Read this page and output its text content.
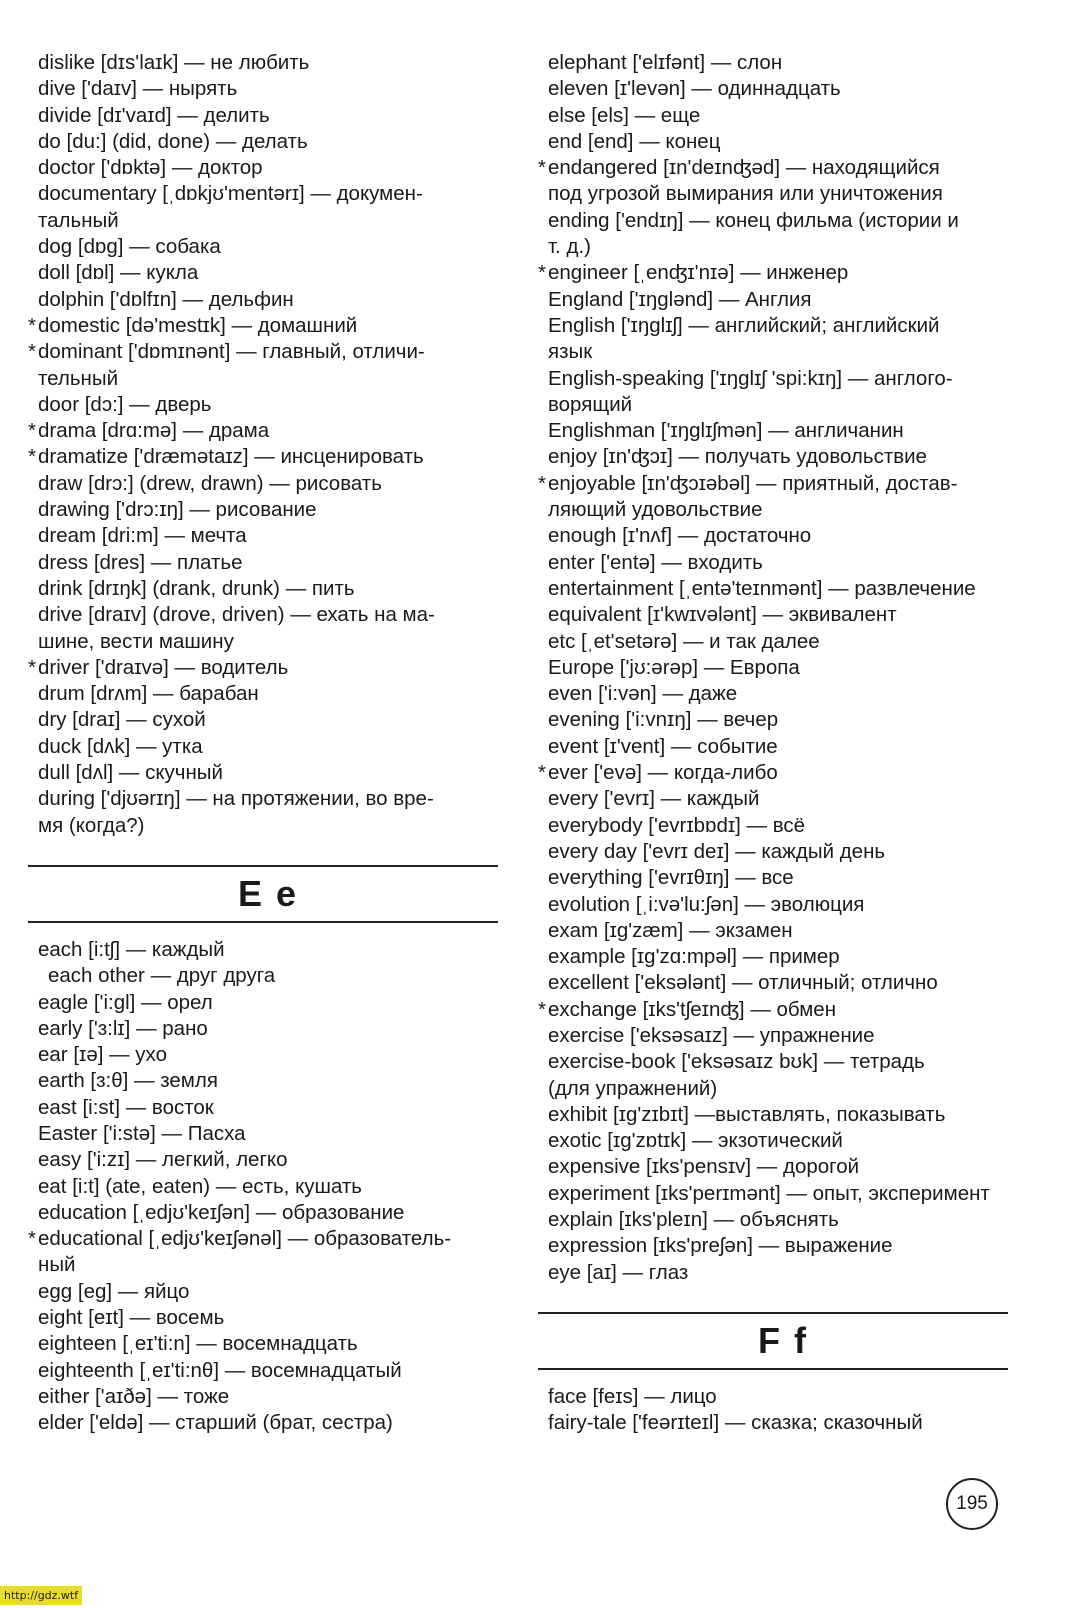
dislike [dɪs'laɪk] — не любить
dive ['daɪv] — нырять
divide [dɪ'vaɪd] — делить
do [du:] (did, done) — делать
doctor ['dɒktə] — доктор
documentary [ˌdɒkjʊ'mentərɪ] — докумен-
тальный
dog [dɒg] — собака
doll [dɒl] — кукла
dolphin ['dɒlfɪn] — дельфин
*domestic [də'mestɪk] — домашний
*dominant ['dɒmɪnənt] — главный, отличи-
тельный
door [dɔ:] — дверь
*drama [drɑ:mə] — драма
*dramatize ['dræmətaɪz] — инсценировать
draw [drɔ:] (drew, drawn) — рисовать
drawing ['drɔ:ɪŋ] — рисование
dream [dri:m] — мечта
dress [dres] — платье
drink [drɪŋk] (drank, drunk) — пить
drive [draɪv] (drove, driven) — ехать на ма-
шине, вести машину
*driver ['draɪvə] — водитель
drum [drʌm] — барабан
dry [draɪ] — сухой
duck [dʌk] — утка
dull [dʌl] — скучный
during ['djʊərɪŋ] — на протяжении, во вре-
мя (когда?)
E e
each [i:tʃ] — каждый
each other — друг друга
eagle ['i:gl] — орел
early ['ɜ:lɪ] — рано
ear [ɪə] — ухо
earth [ɜ:θ] — земля
east [i:st] — восток
Easter ['i:stə] — Пасха
easy ['i:zɪ] — легкий, легко
eat [i:t] (ate, eaten) — есть, кушать
education [ˌedjʊ'keɪʃən] — образование
*educational [ˌedjʊ'keɪʃənəl] — образователь-
ный
egg [eg] — яйцо
eight [eɪt] — восемь
eighteen [ˌeɪ'ti:n] — восемнадцать
eighteenth [ˌeɪ'ti:nθ] — восемнадцатый
either ['aɪðə] — тоже
elder ['eldə] — старший (брат, сестра)
elephant ['elɪfənt] — слон
eleven [ɪ'levən] — одиннадцать
else [els] — еще
end [end] — конец
*endangered [ɪn'deɪnʤəd] — находящийся
под угрозой вымирания или уничтожения
ending ['endɪŋ] — конец фильма (истории и
т. д.)
*engineer [ˌenʤɪ'nɪə] — инженер
England ['ɪŋglənd] — Англия
English ['ɪŋglɪʃ] — английский; английский
язык
English-speaking ['ɪŋglɪʃ 'spi:kɪŋ] — англого-
ворящий
Englishman ['ɪŋglɪʃmən] — англичанин
enjoy [ɪn'ʤɔɪ] — получать удовольствие
*enjoyable [ɪn'ʤɔɪəbəl] — приятный, достав-
ляющий удовольствие
enough [ɪ'nʌf] — достаточно
enter ['entə] — входить
entertainment [ˌentə'teɪnmənt] — развлечение
equivalent [ɪ'kwɪvələnt] — эквивалент
etc [ˌet'setərə] — и так далее
Europe ['jʊ:ərəp] — Европа
even ['i:vən] — даже
evening ['i:vnɪŋ] — вечер
event [ɪ'vent] — событие
*ever ['evə] — когда-либо
every ['evrɪ] — каждый
everybody ['evrɪbɒdɪ] — всё
every day ['evrɪ deɪ] — каждый день
everything ['evrɪθɪŋ] — все
evolution [ˌi:və'lu:ʃən] — эволюция
exam [ɪg'zæm] — экзамен
example [ɪg'zɑ:mpəl] — пример
excellent ['eksələnt] — отличный; отлично
*exchange [ɪks'tʃeɪnʤ] — обмен
exercise ['eksəsaɪz] — упражнение
exercise-book ['eksəsaɪz bʊk] — тетрадь
(для упражнений)
exhibit [ɪg'zɪbɪt] —выставлять, показывать
exotic [ɪg'zɒtɪk] — экзотический
expensive [ɪks'pensɪv] — дорогой
experiment [ɪks'perɪmənt] — опыт, эксперимент
explain [ɪks'pleɪn] — объяснять
expression [ɪks'preʃən] — выражение
eye [aɪ] — глаз
F f
face [feɪs] — лицо
fairy-tale ['feərɪteɪl] — сказка; сказочный
195
http://gdz.wtf
